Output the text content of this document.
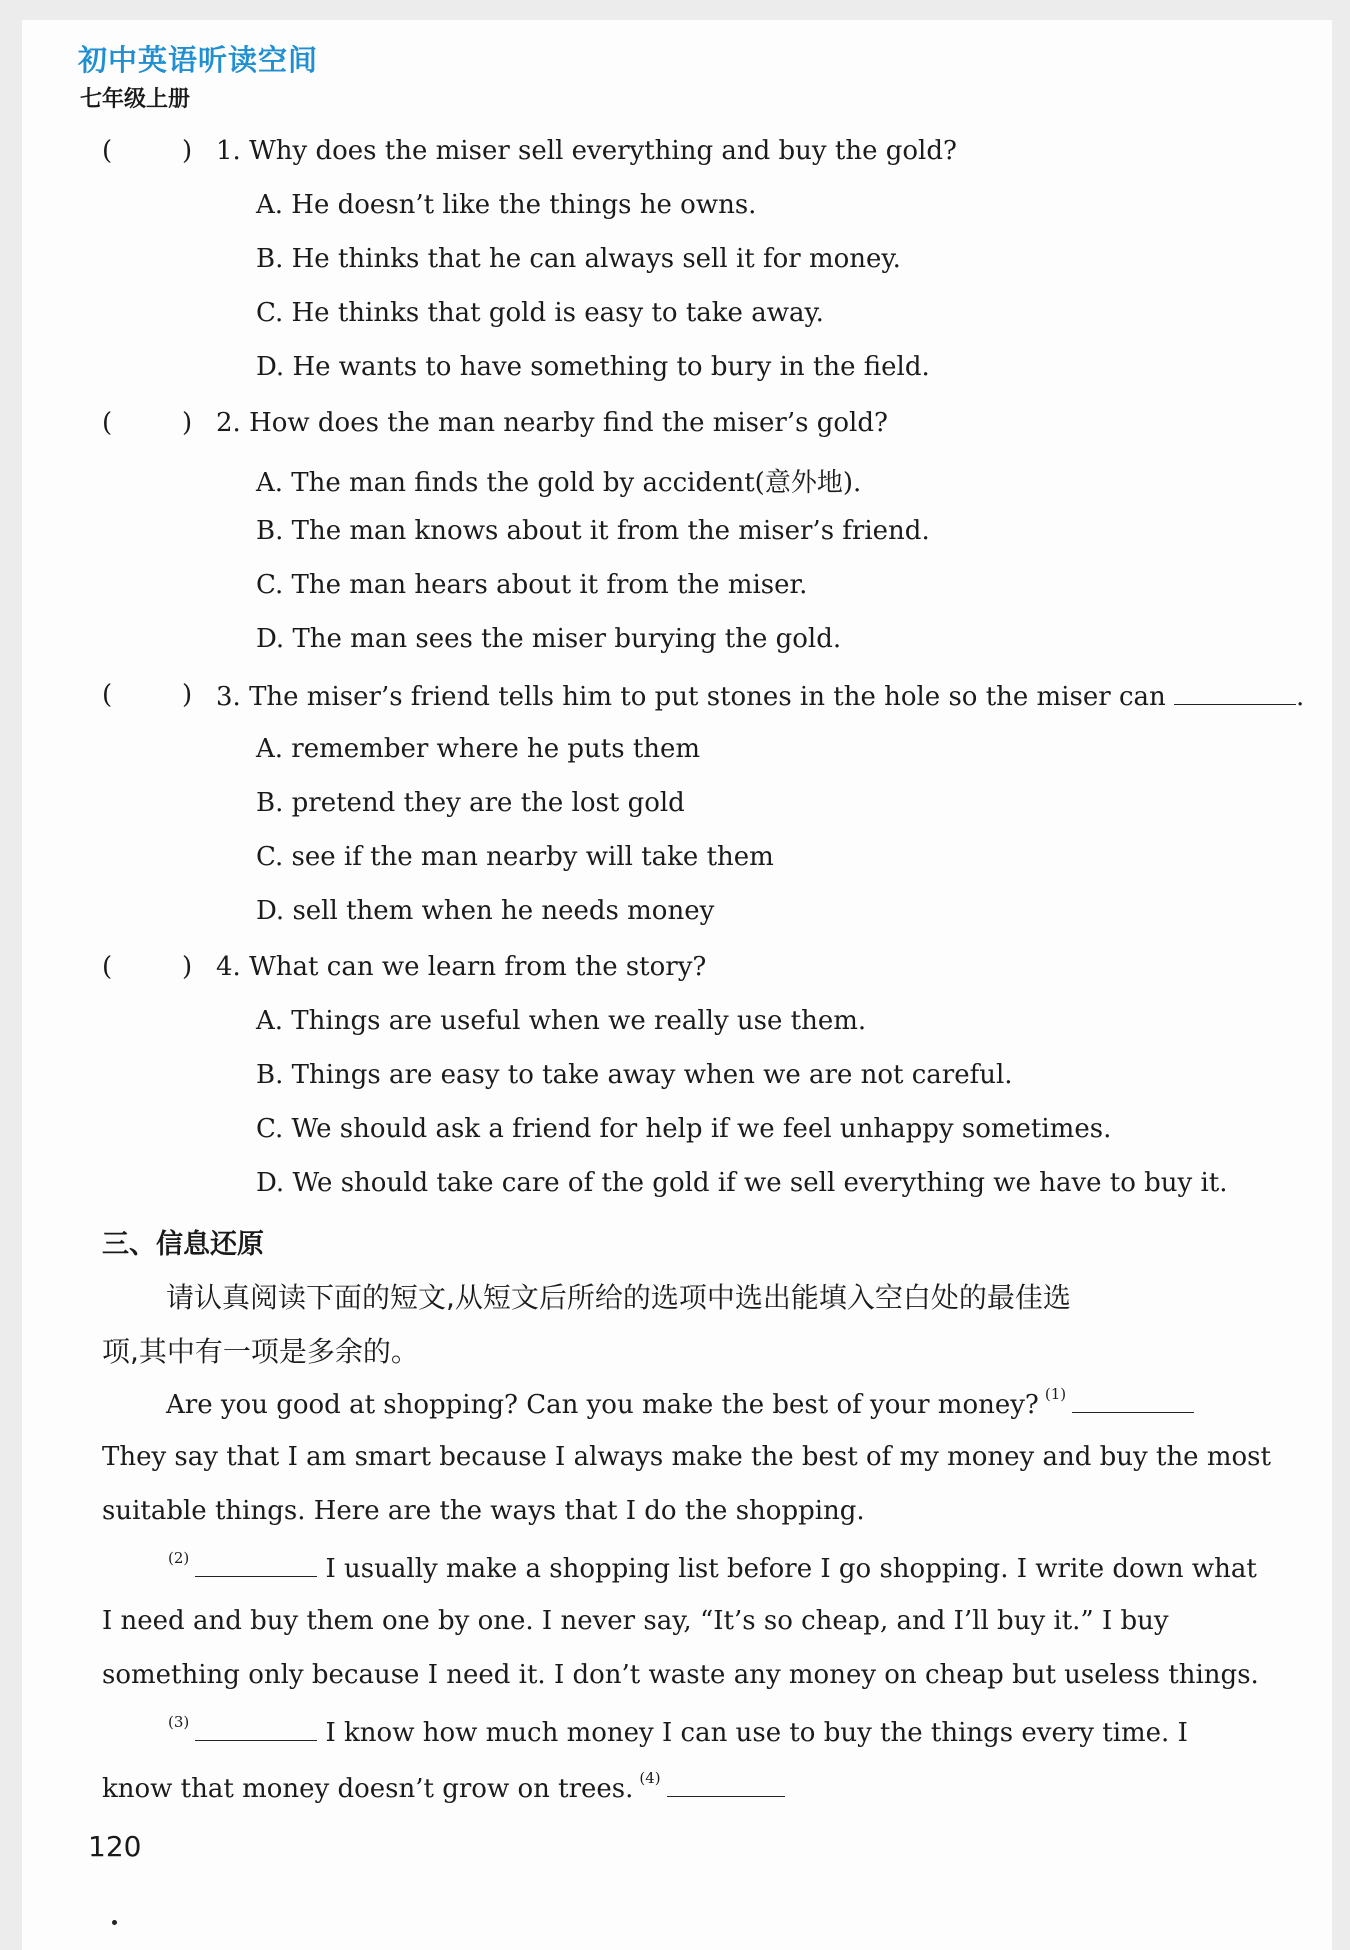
初中英语听读空间
七年级上册
(	) 1. Why does the miser sell everything and buy the gold?
A. He doesn’t like the things he owns.
B. He thinks that he can always sell it for money.
C. He thinks that gold is easy to take away.
D. He wants to have something to bury in the field.
(	) 2. How does the man nearby find the miser’s gold?
A. The man finds the gold by accident(意外地).
B. The man knows about it from the miser’s friend.
C. The man hears about it from the miser.
D. The man sees the miser burying the gold.
(	) 3. The miser’s friend tells him to put stones in the hole so the miser can	.
A. remember where he puts them
B. pretend they are the lost gold
C. see if the man nearby will take them
D. sell them when he needs money
(	) 4. What can we learn from the story?
A. Things are useful when we really use them.
B. Things are easy to take away when we are not careful.
C. We should ask a friend for help if we feel unhappy sometimes.
D. We should take care of the gold if we sell everything we have to buy it.
三、信息还原
请认真阅读下面的短文,从短文后所给的选项中选出能填入空白处的最佳选
项,其中有一项是多余的。
Are you good at shopping? Can you make the best of your money? $^{(1)}$
They say that I am smart because I always make the best of my money and buy the most
suitable things. Here are the ways that I do the shopping.
$^{(2)}$	I usually make a shopping list before I go shopping. I write down what
I need and buy them one by one. I never say, “It’s so cheap, and I’ll buy it.” I buy
something only because I need it. I don’t waste any money on cheap but useless things.
$^{(3)}$	I know how much money I can use to buy the things every time. I
know that money doesn’t grow on trees. $^{(4)}$
120
